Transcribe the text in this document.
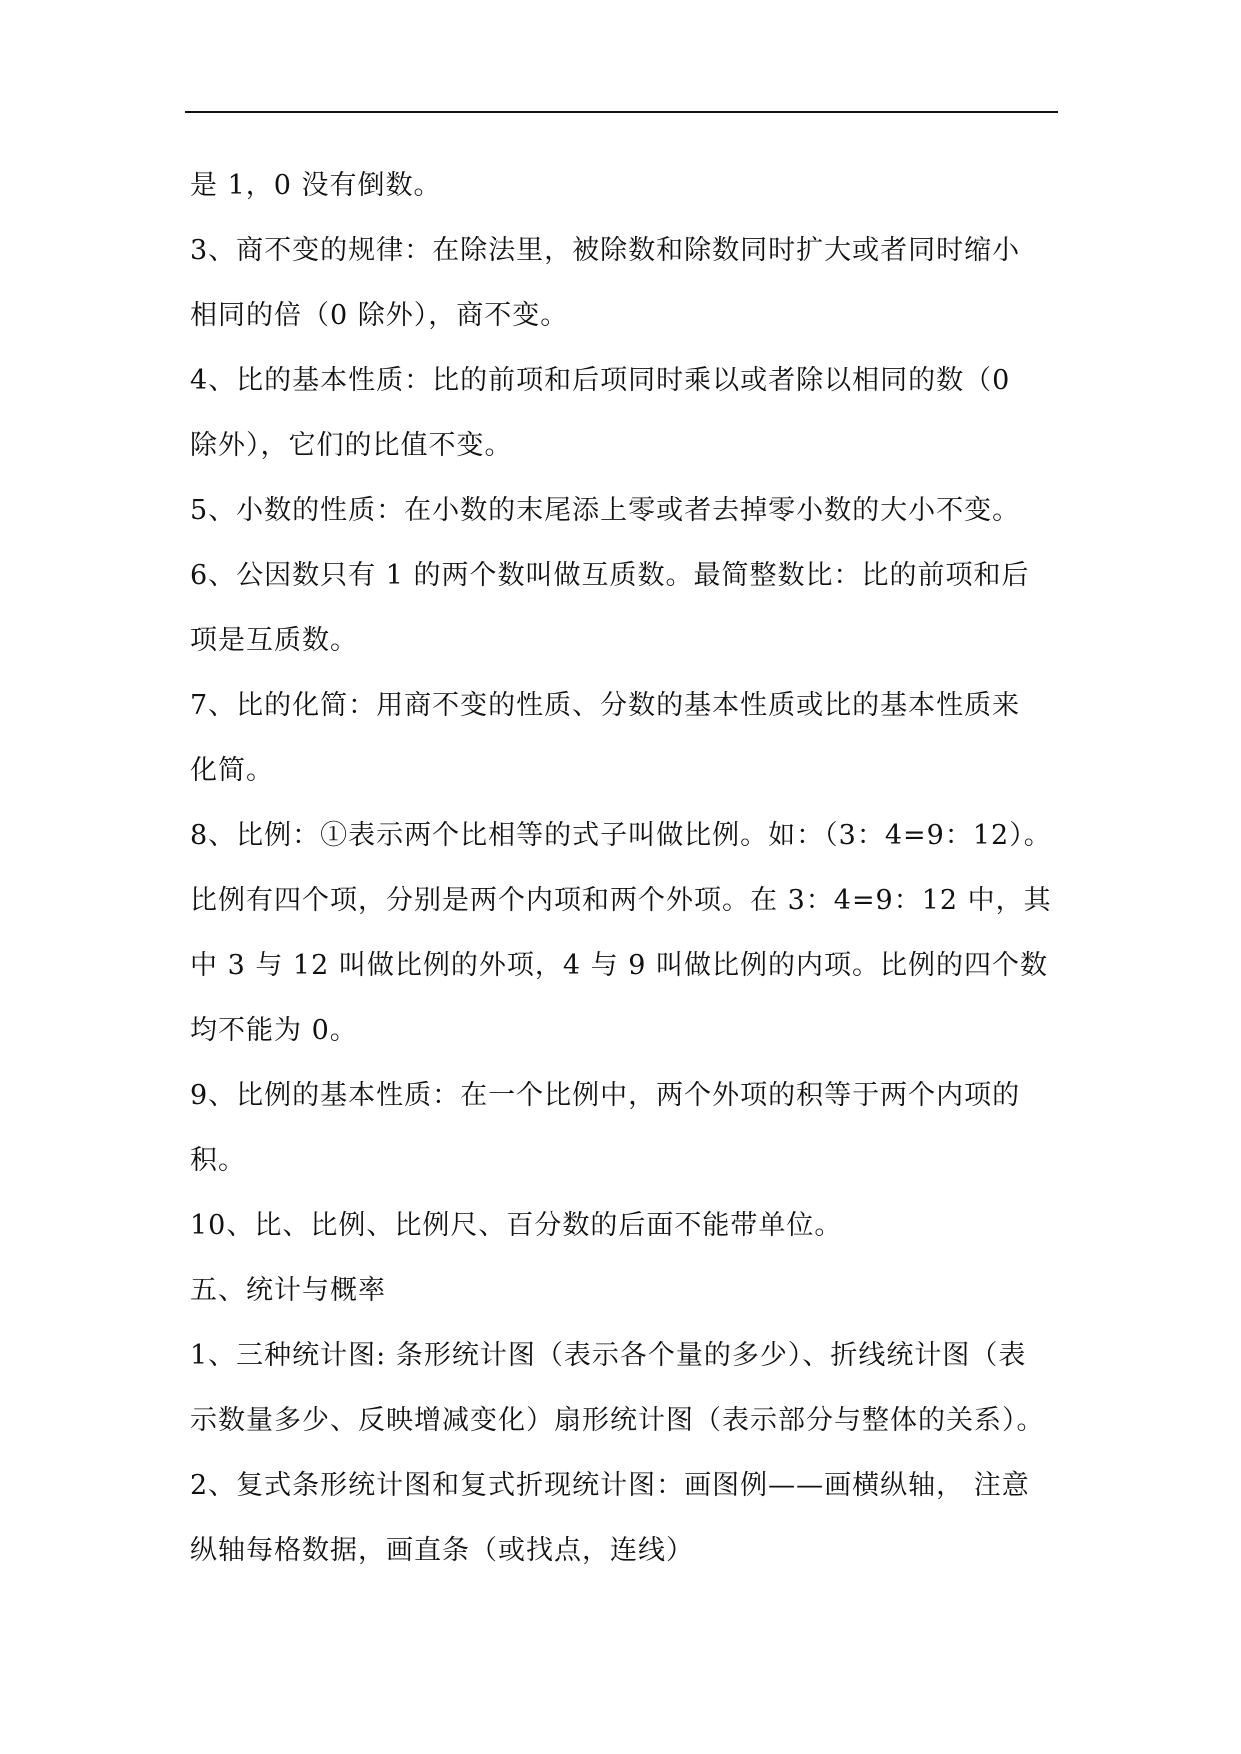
是 1，0 没有倒数。
3、商不变的规律：在除法里，被除数和除数同时扩大或者同时缩小
相同的倍（0 除外），商不变。
4、比的基本性质：比的前项和后项同时乘以或者除以相同的数（0
除外），它们的比值不变。
5、小数的性质：在小数的末尾添上零或者去掉零小数的大小不变。
6、公因数只有 1 的两个数叫做互质数。最简整数比：比的前项和后
项是互质数。
7、比的化简：用商不变的性质、分数的基本性质或比的基本性质来
化简。
8、比例：①表示两个比相等的式子叫做比例。如：（3：4=9：12）。
比例有四个项，分别是两个内项和两个外项。在 3：4=9：12 中，其
中 3 与 12 叫做比例的外项，4 与 9 叫做比例的内项。比例的四个数
均不能为 0。
9、比例的基本性质：在一个比例中，两个外项的积等于两个内项的
积。
10、比、比例、比例尺、百分数的后面不能带单位。
五、统计与概率
1、三种统计图: 条形统计图（表示各个量的多少）、折线统计图（表
示数量多少、反映增减变化）扇形统计图（表示部分与整体的关系）。
2、复式条形统计图和复式折现统计图：画图例——画横纵轴， 注意
纵轴每格数据，画直条（或找点，连线）
